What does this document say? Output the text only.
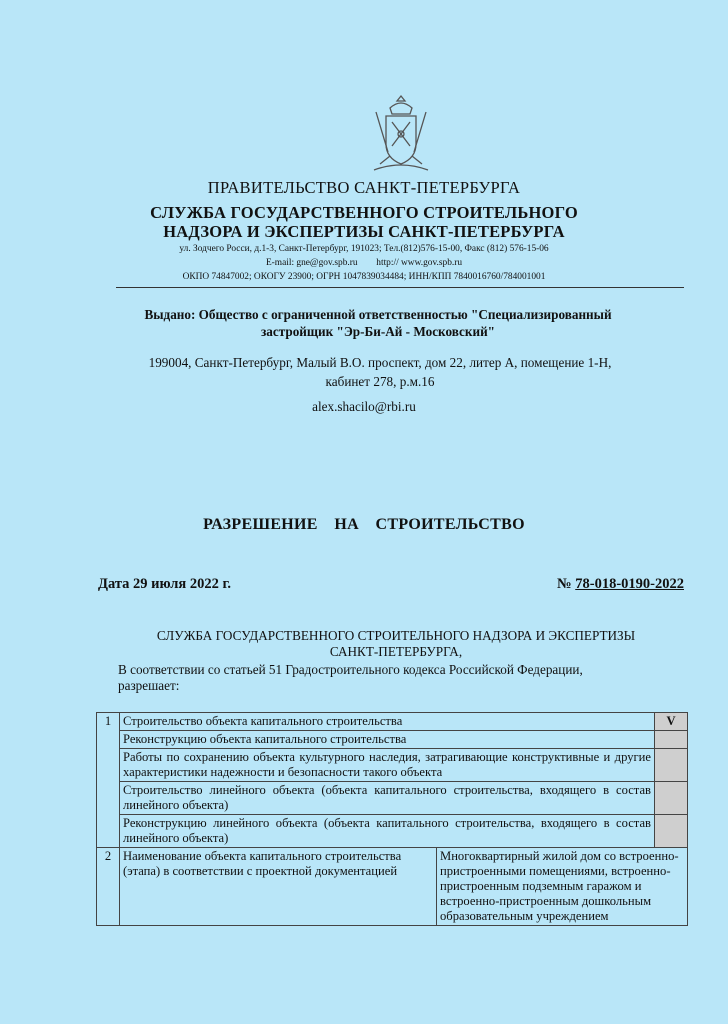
ПРАВИТЕЛЬСТВО САНКТ-ПЕТЕРБУРГА
СЛУЖБА ГОСУДАРСТВЕННОГО СТРОИТЕЛЬНОГО
НАДЗОРА И ЭКСПЕРТИЗЫ САНКТ-ПЕТЕРБУРГА
ул. Зодчего Росси, д.1-3, Санкт-Петербург, 191023; Тел.(812)576-15-00, Факс (812) 576-15-06
E-mail: gne@gov.spb.ru        http:// www.gov.spb.ru
ОКПО 74847002; ОКОГУ 23900; ОГРН 1047839034484; ИНН/КПП 7840016760/784001001
Выдано: Общество с ограниченной ответственностью "Специализированный
застройщик "Эр-Би-Ай - Московский"
199004, Санкт-Петербург, Малый В.О. проспект, дом 22, литер А, помещение 1-Н,
кабинет 278, р.м.16
alex.shacilo@rbi.ru
РАЗРЕШЕНИЕ  НА  СТРОИТЕЛЬСТВО
Дата 29 июля 2022 г.	№ 78-018-0190-2022
СЛУЖБА ГОСУДАРСТВЕННОГО СТРОИТЕЛЬНОГО НАДЗОРА И ЭКСПЕРТИЗЫ
САНКТ-ПЕТЕРБУРГА,
В соответствии со статьей 51 Градостроительного кодекса Российской Федерации,
разрешает:
1	Строительство объекта капитального строительства		V
	Реконструкцию объекта капитального строительства		
	Работы по сохранению объекта культурного наследия, затрагивающие конструктивные и другие характеристики надежности и безопасности такого объекта		
	Строительство линейного объекта (объекта капитального строительства, входящего в состав линейного объекта)		
	Реконструкцию линейного объекта (объекта капитального строительства, входящего в состав линейного объекта)		
2	Наименование объекта капитального строительства (этапа) в соответствии с проектной документацией	Многоквартирный жилой дом со встроенно-пристроенными помещениями, встроенно-пристроенным подземным гаражом и встроенно-пристроенным дошкольным образовательным учреждением	
